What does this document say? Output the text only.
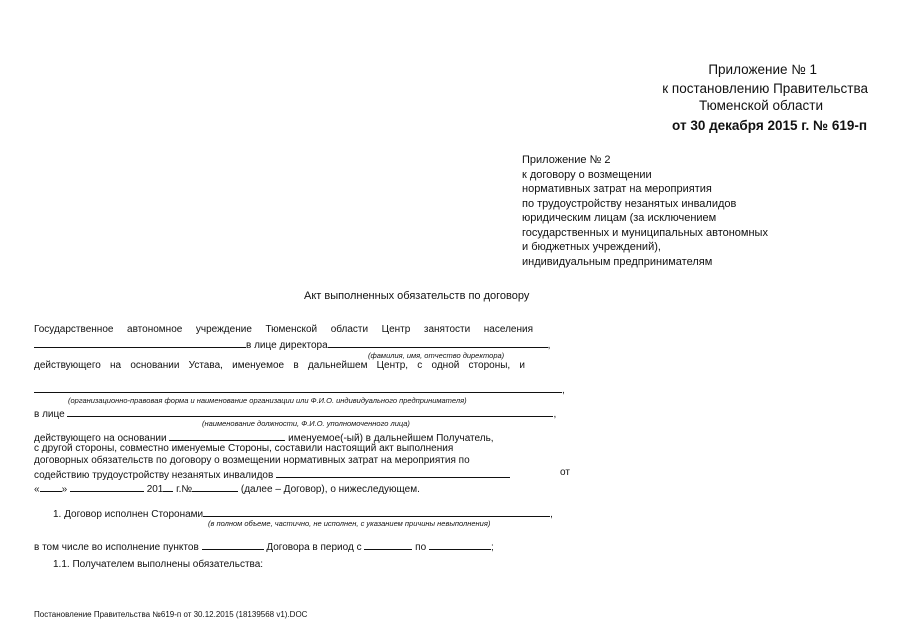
Приложение № 1
к постановлению Правительства
Тюменской области
от 30 декабря 2015 г. № 619-п
Приложение № 2
к договору о возмещении
нормативных затрат на мероприятия
по трудоустройству незанятых инвалидов
юридическим лицам (за исключением
государственных и муниципальных автономных
и бюджетных учреждений),
индивидуальным предпринимателям
Акт выполненных обязательств по договору
Государственное автономное учреждение Тюменской области Центр занятости населения
в лице директора	,
(фамилия, имя, отчество директора)
действующего на основании Устава, именуемое в дальнейшем Центр, с одной стороны, и
,
(организационно-правовая форма и наименование организации или Ф.И.О. индивидуального предпринимателя)
в лице	,
(наименование должности, Ф.И.О. уполномоченного лица)
действующего на основании	именуемое(-ый) в дальнейшем Получатель,
с другой стороны, совместно именуемые Стороны, составили настоящий акт выполнения
договорных обязательств по договору о возмещении нормативных затрат на мероприятия по
содействию трудоустройству незанятых инвалидов	от
« »	201 г.№	(далее – Договор), о нижеследующем.
1. Договор исполнен Сторонами	,
(в полном объеме, частично, не исполнен, с указанием причины невыполнения)
в том числе во исполнение пунктов	Договора в период с	по	;
1.1. Получателем выполнены обязательства:
Постановление Правительства №619-п от 30.12.2015 (18139568 v1).DOC
